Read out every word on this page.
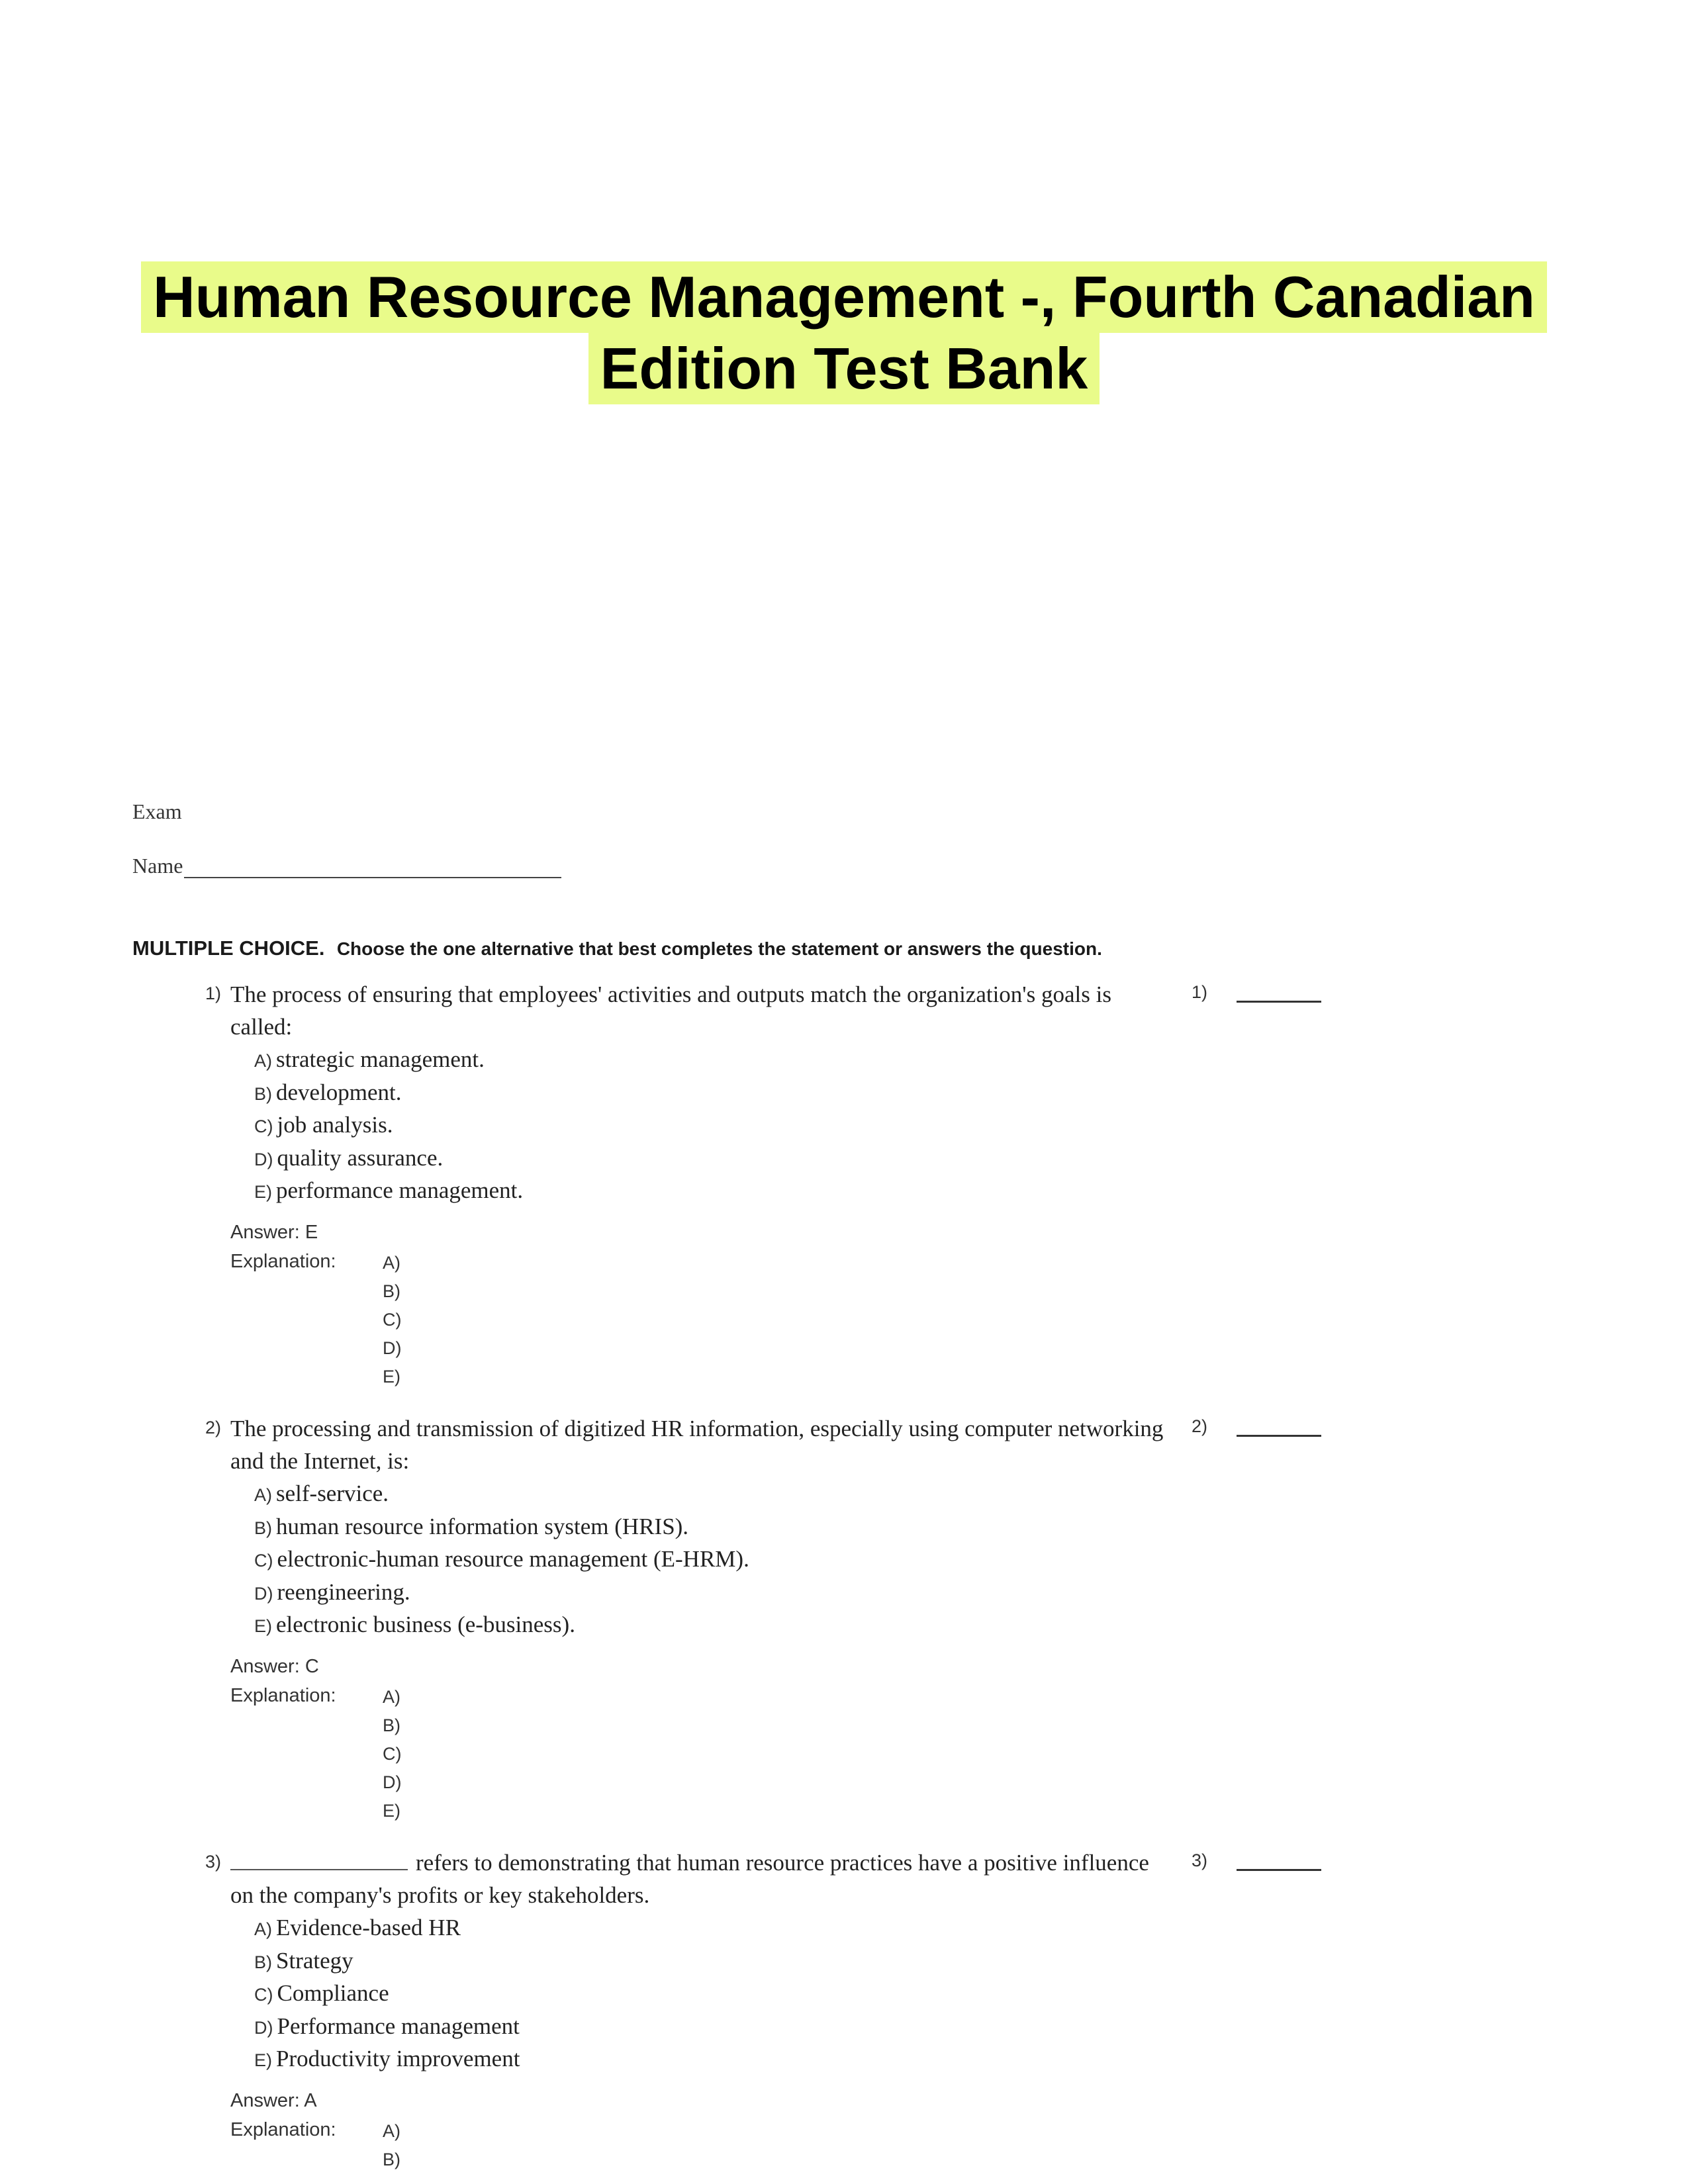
Human Resource Management -, Fourth Canadian
Edition Test Bank
Exam
Name
MULTIPLE CHOICE. Choose the one alternative that best completes the statement or answers the question.
1) The process of ensuring that employees' activities and outputs match the organization's goals is called:
1)
A) strategic management.
B) development.
C) job analysis.
D) quality assurance.
E) performance management.
Answer: E
Explanation:	A)
B)
C)
D)
E)
2) The processing and transmission of digitized HR information, especially using computer networking and the Internet, is:
2)
A) self-service.
B) human resource information system (HRIS).
C) electronic-human resource management (E-HRM).
D) reengineering.
E) electronic business (e-business).
Answer: C
Explanation:	A)
B)
C)
D)
E)
3)	refers to demonstrating that human resource practices have a positive influence on the company's profits or key stakeholders.
3)
A) Evidence-based HR
B) Strategy
C) Compliance
D) Performance management
E) Productivity improvement
Answer: A
Explanation:	A)
B)
